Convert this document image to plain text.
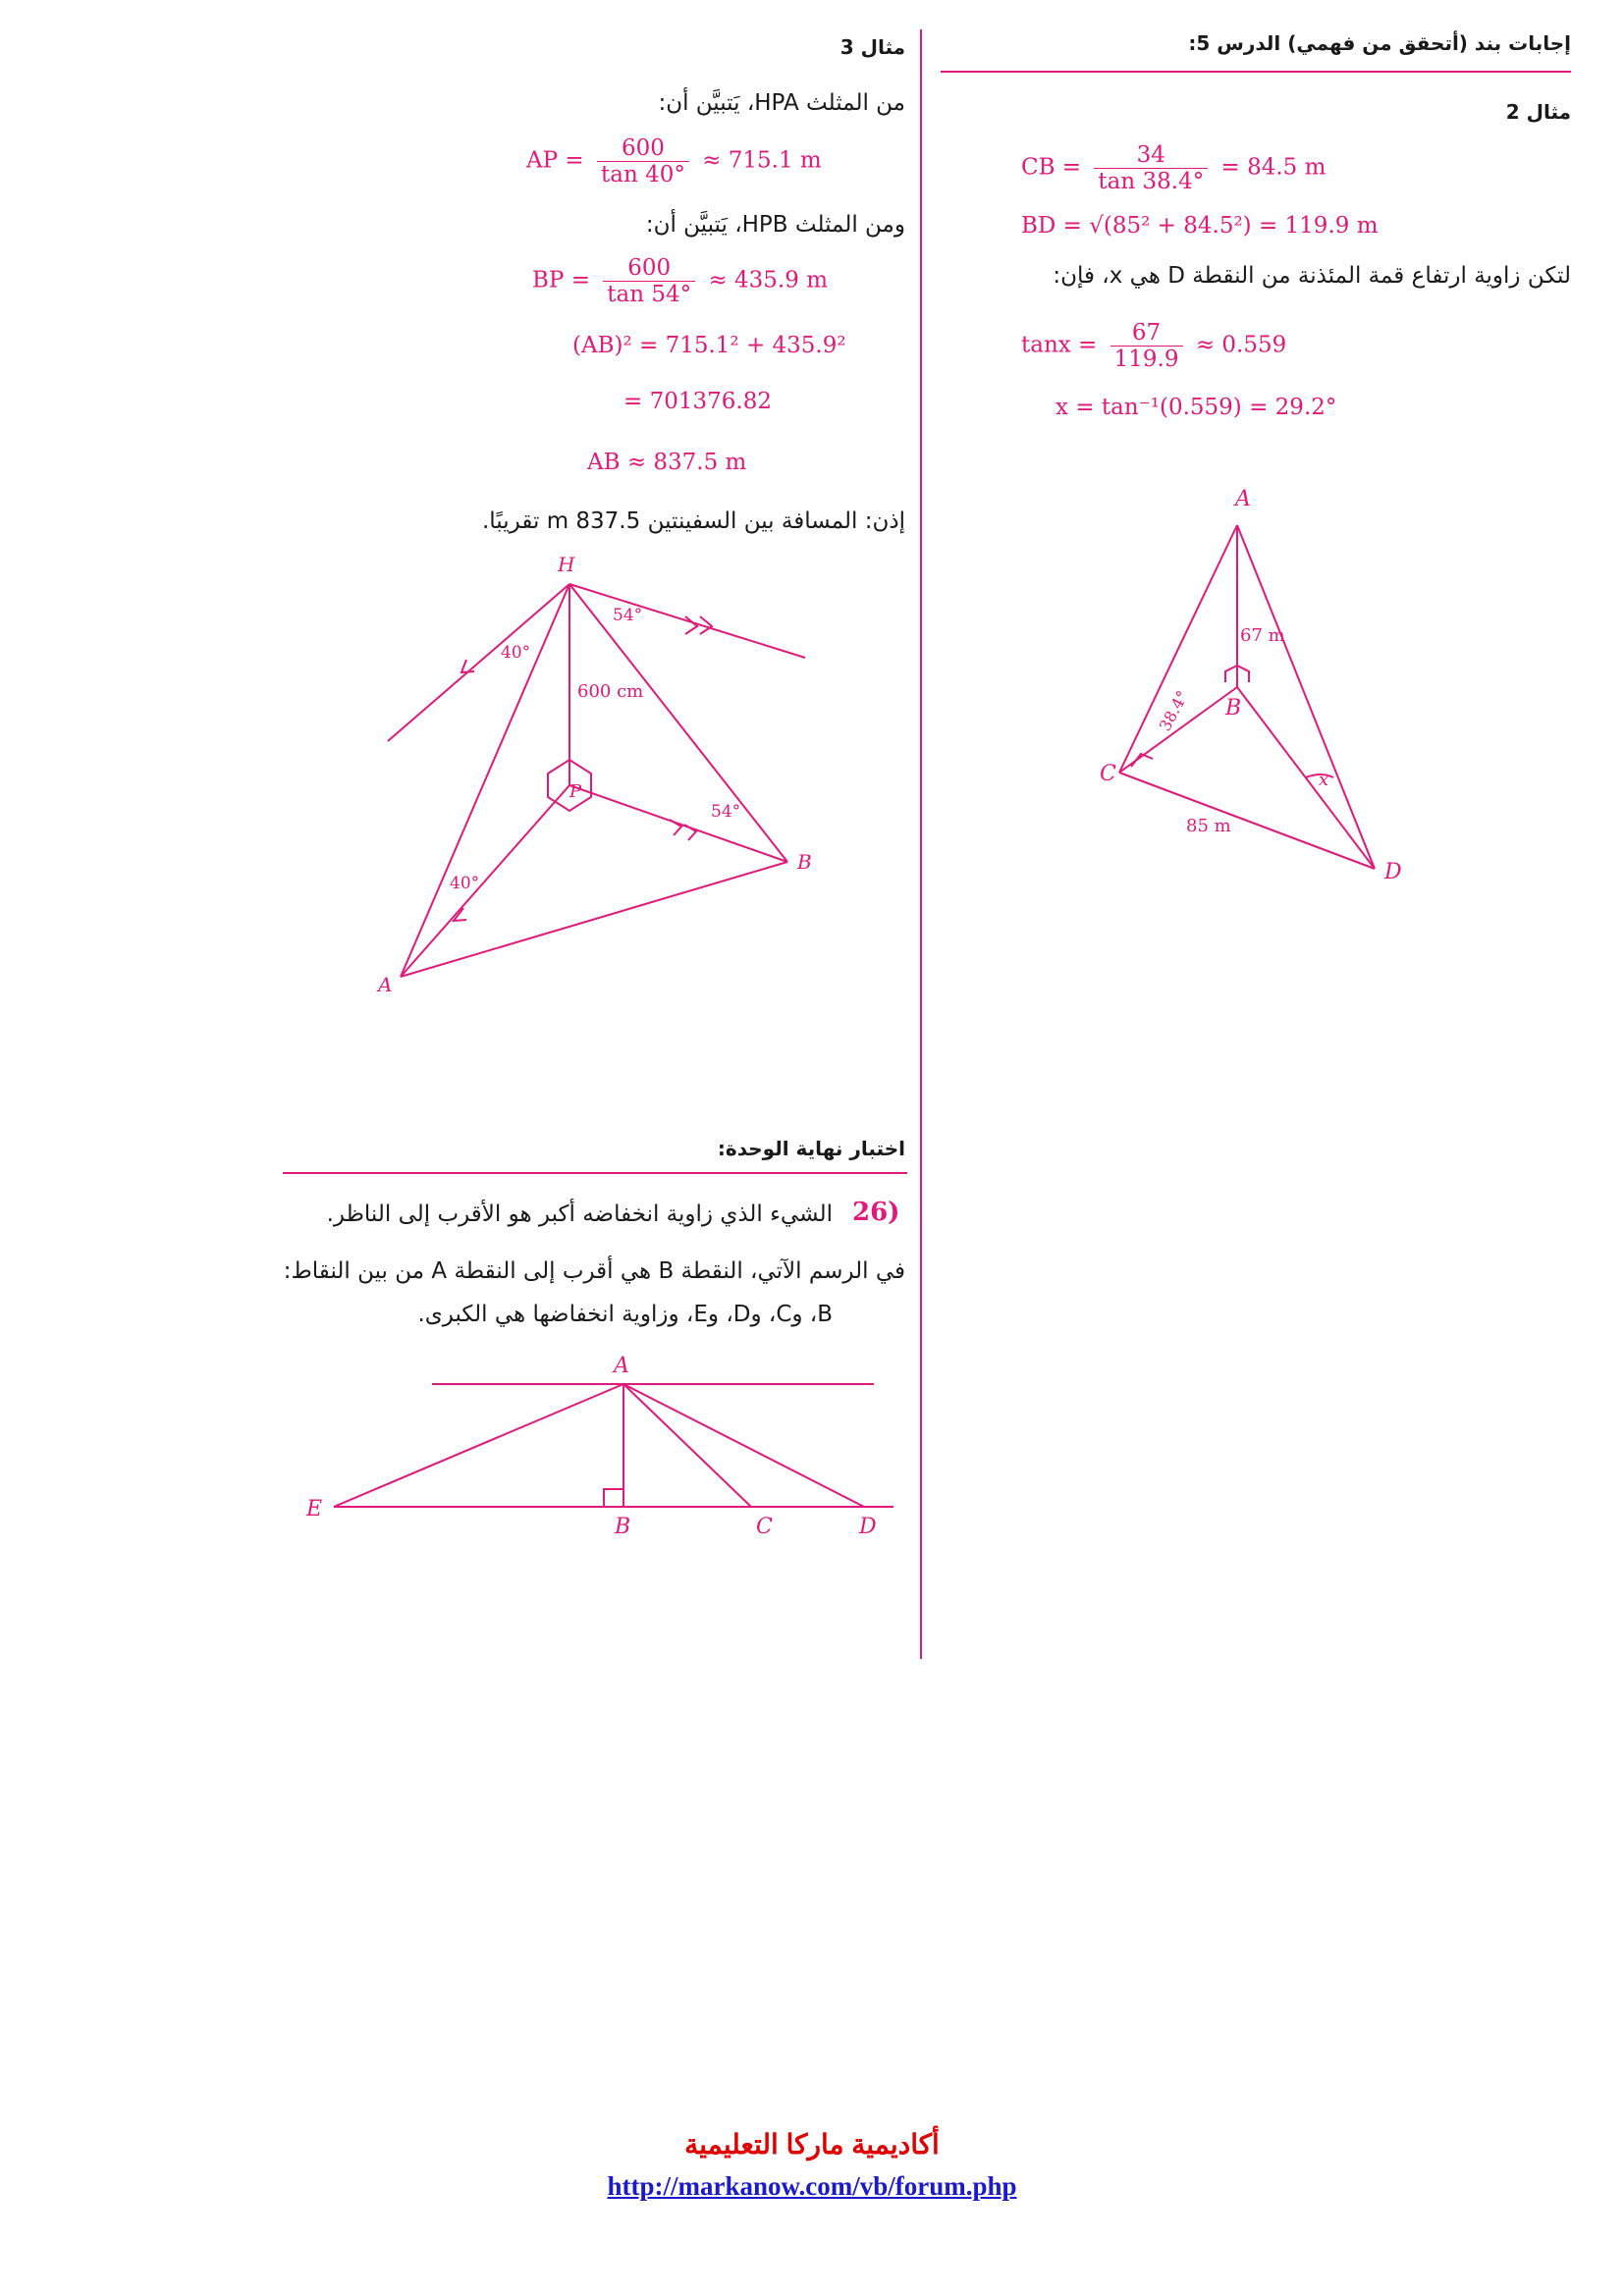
إجابات بند (أتحقق من فهمي) الدرس 5:
مثال 2
CB = $\frac{34}{\tan 38.4^\circ} = 84.5$ m
BD = √(85² + 84.5²) = 119.9 m
لتكن زاوية ارتفاع قمة المئذنة من النقطة D هي x، فإن:
$\tan x = \frac{67}{119.9} \approx 0.559$
x = tan⁻¹(0.559) = 29.2°
A
B
C
D
67 m
85 m
38.4°
x
مثال 3
من المثلث HPA، يَتبيَّن أن:
AP = $\frac{600}{\tan 40^\circ} \approx 715.1$ m
ومن المثلث HPB، يَتبيَّن أن:
BP = $\frac{600}{\tan 54^\circ} \approx 435.9$ m
(AB)² = 715.1² + 435.9²
= 701376.82
AB ≈ 837.5 m
إذن: المسافة بين السفينتين 837.5 m تقريبًا.
H
P
A
B
40°
54°
54°
40°
600 cm
اختبار نهاية الوحدة:
26)
الشيء الذي زاوية انخفاضه أكبر هو الأقرب إلى الناظر.
في الرسم الآتي، النقطة B هي أقرب إلى النقطة A من بين النقاط:
B، وC، وD، وE، وزاوية انخفاضها هي الكبرى.
A
B	C	D
E
أكاديمية ماركا التعليمية
http://markanow.com/vb/forum.php
